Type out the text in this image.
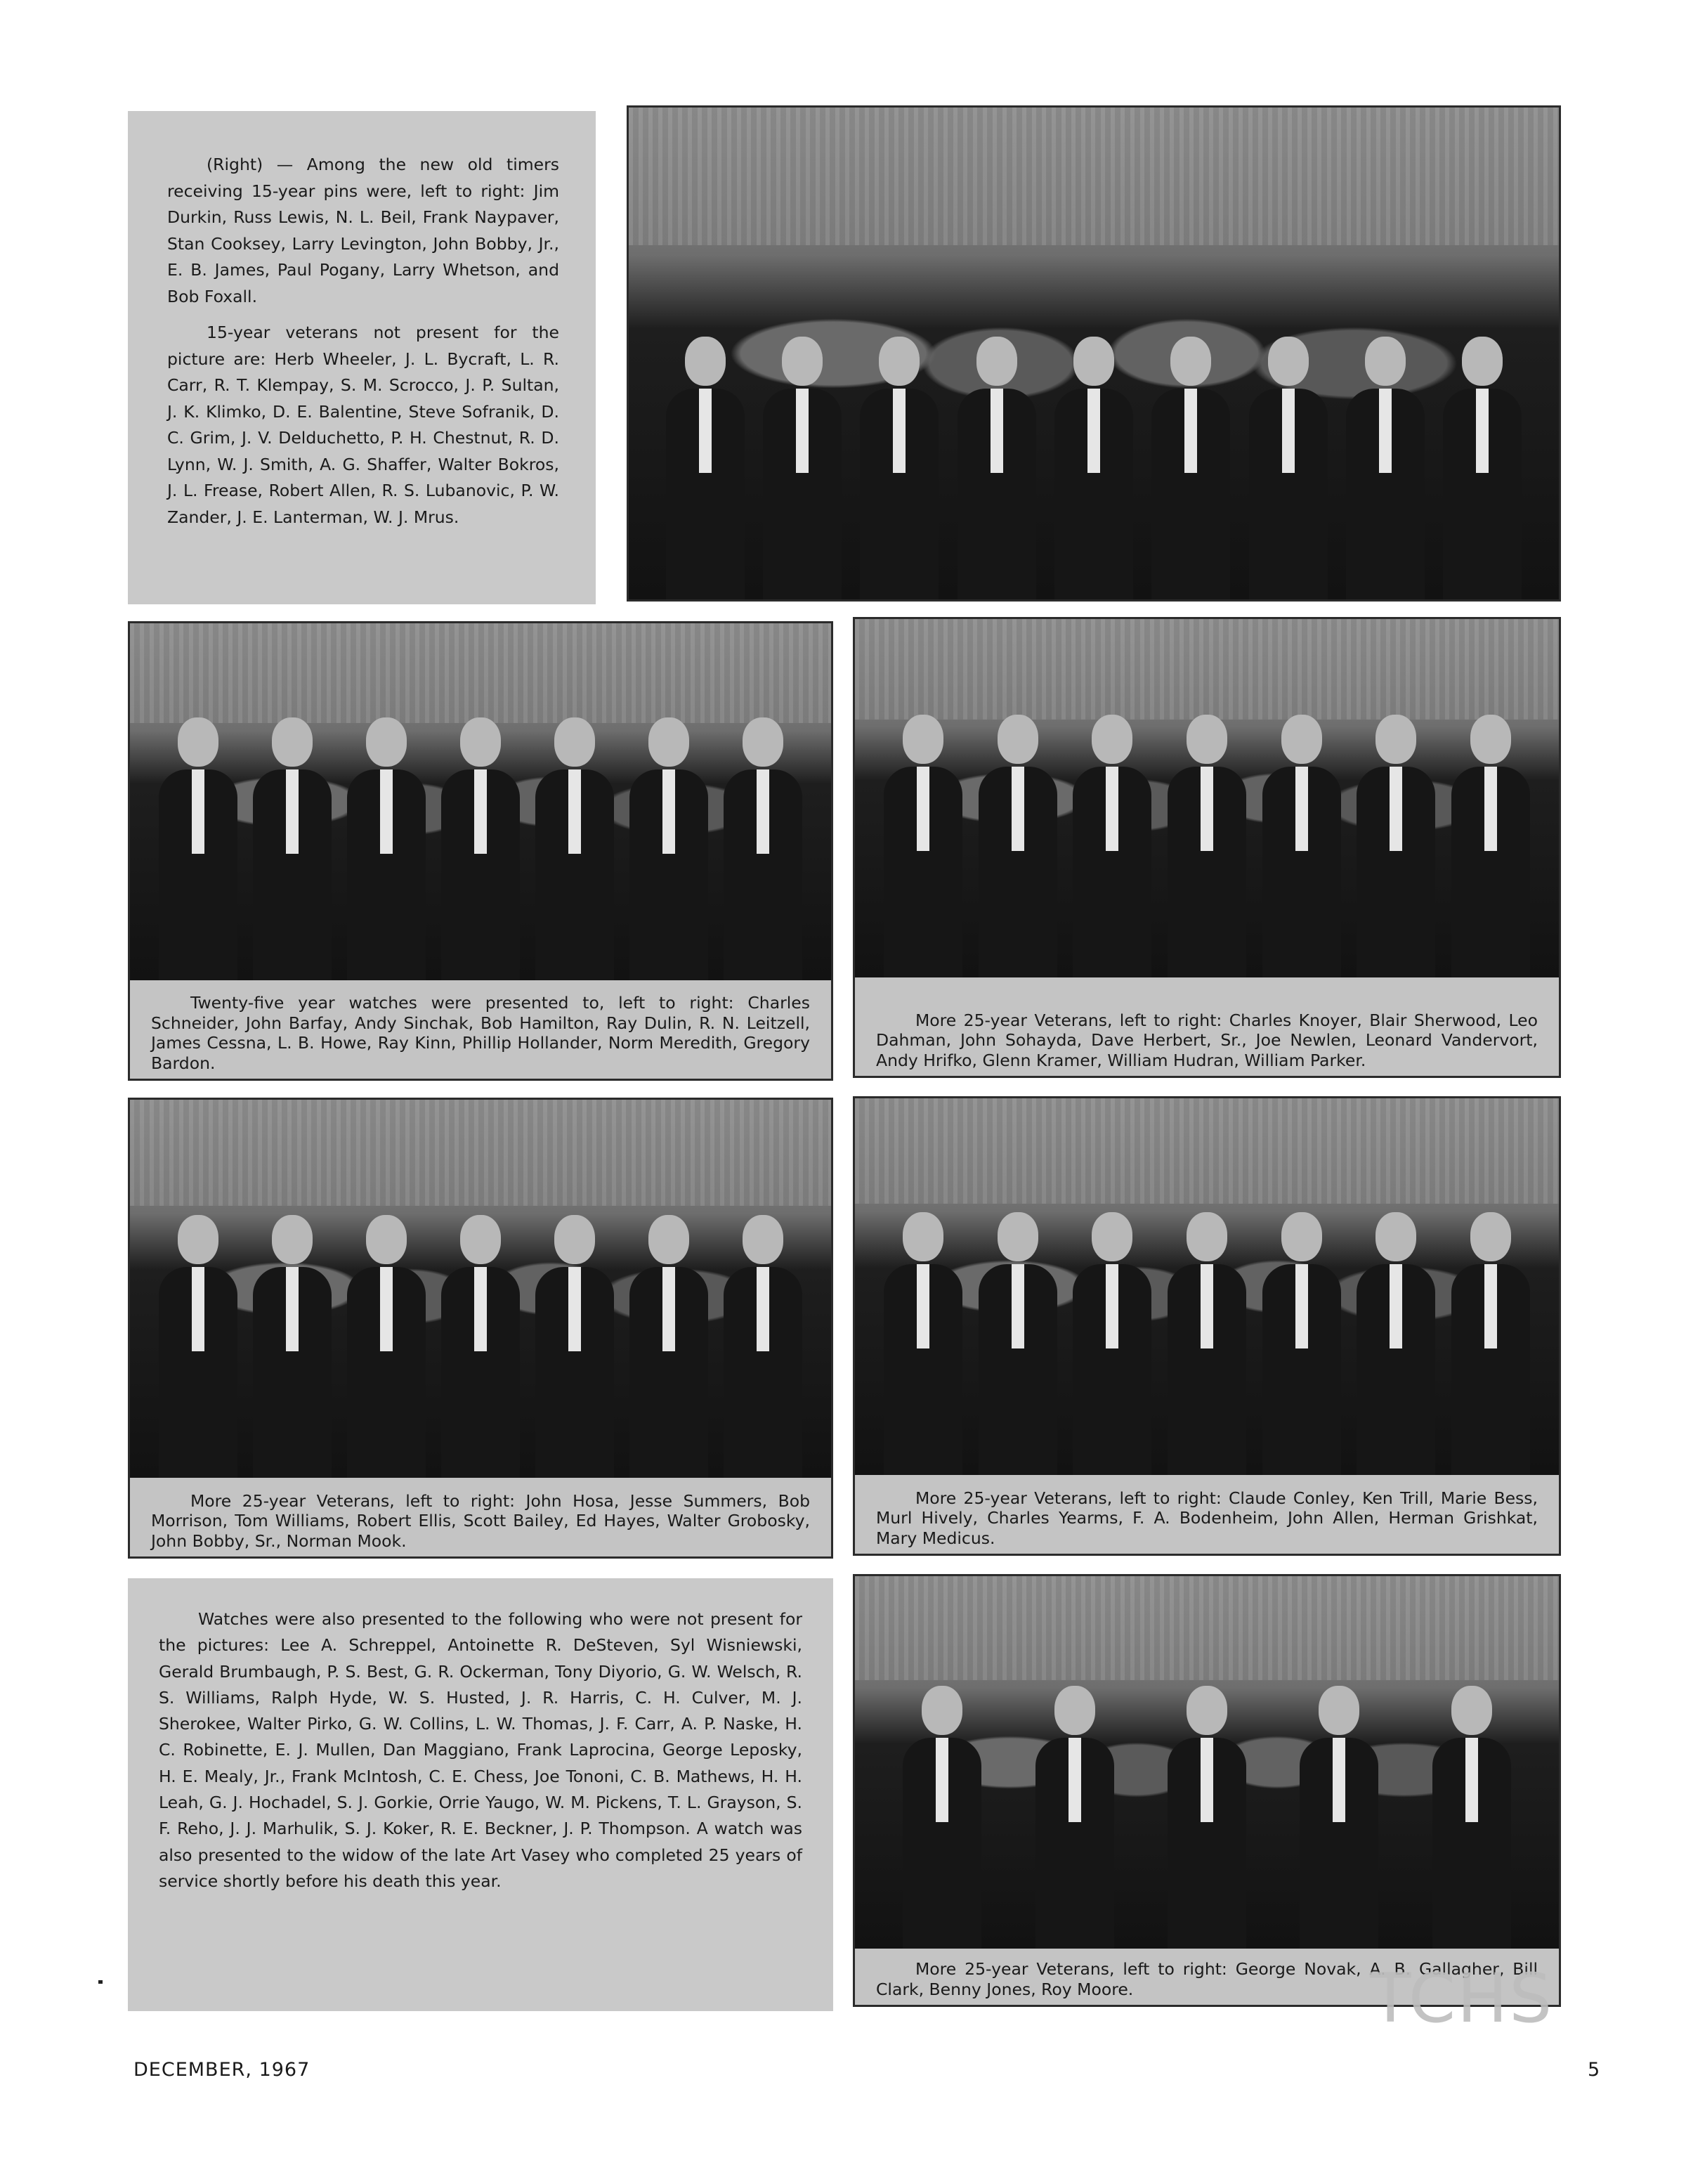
(Right) — Among the new old timers receiving 15-year pins were, left to right: Jim Durkin, Russ Lewis, N. L. Beil, Frank Naypaver, Stan Cooksey, Larry Levington, John Bobby, Jr., E. B. James, Paul Pogany, Larry Whetson, and Bob Foxall.

15-year veterans not present for the picture are: Herb Wheeler, J. L. Bycraft, L. R. Carr, R. T. Klempay, S. M. Scrocco, J. P. Sultan, J. K. Klimko, D. E. Balentine, Steve Sofranik, D. C. Grim, J. V. Delduchetto, P. H. Chestnut, R. D. Lynn, W. J. Smith, A. G. Shaffer, Walter Bokros, J. L. Frease, Robert Allen, R. S. Lubanovic, P. W. Zander, J. E. Lanterman, W. J. Mrus.

Twenty-five year watches were presented to, left to right: Charles Schneider, John Barfay, Andy Sinchak, Bob Hamilton, Ray Dulin, R. N. Leitzell, James Cessna, L. B. Howe, Ray Kinn, Phillip Hollander, Norm Meredith, Gregory Bardon.
More 25-year Veterans, left to right: Charles Knoyer, Blair Sherwood, Leo Dahman, John Sohayda, Dave Herbert, Sr., Joe Newlen, Leonard Vandervort, Andy Hrifko, Glenn Kramer, William Hudran, William Parker.
More 25-year Veterans, left to right: John Hosa, Jesse Summers, Bob Morrison, Tom Williams, Robert Ellis, Scott Bailey, Ed Hayes, Walter Grobosky, John Bobby, Sr., Norman Mook.
More 25-year Veterans, left to right: Claude Conley, Ken Trill, Marie Bess, Murl Hively, Charles Yearms, F. A. Bodenheim, John Allen, Herman Grishkat, Mary Medicus.

Watches were also presented to the following who were not present for the pictures: Lee A. Schreppel, Antoinette R. DeSteven, Syl Wisniewski, Gerald Brumbaugh, P. S. Best, G. R. Ockerman, Tony Diyorio, G. W. Welsch, R. S. Williams, Ralph Hyde, W. S. Husted, J. R. Harris, C. H. Culver, M. J. Sherokee, Walter Pirko, G. W. Collins, L. W. Thomas, J. F. Carr, A. P. Naske, H. C. Robinette, E. J. Mullen, Dan Maggiano, Frank Laprocina, George Leposky, H. E. Mealy, Jr., Frank McIntosh, C. E. Chess, Joe Tononi, C. B. Mathews, H. H. Leah, G. J. Hochadel, S. J. Gorkie, Orrie Yaugo, W. M. Pickens, T. L. Grayson, S. F. Reho, J. J. Marhulik, S. J. Koker, R. E. Beckner, J. P. Thompson. A watch was also presented to the widow of the late Art Vasey who completed 25 years of service shortly before his death this year.

More 25-year Veterans, left to right: George Novak, A. B. Gallagher, Bill Clark, Benny Jones, Roy Moore.	TCHS
DECEMBER, 1967	5
